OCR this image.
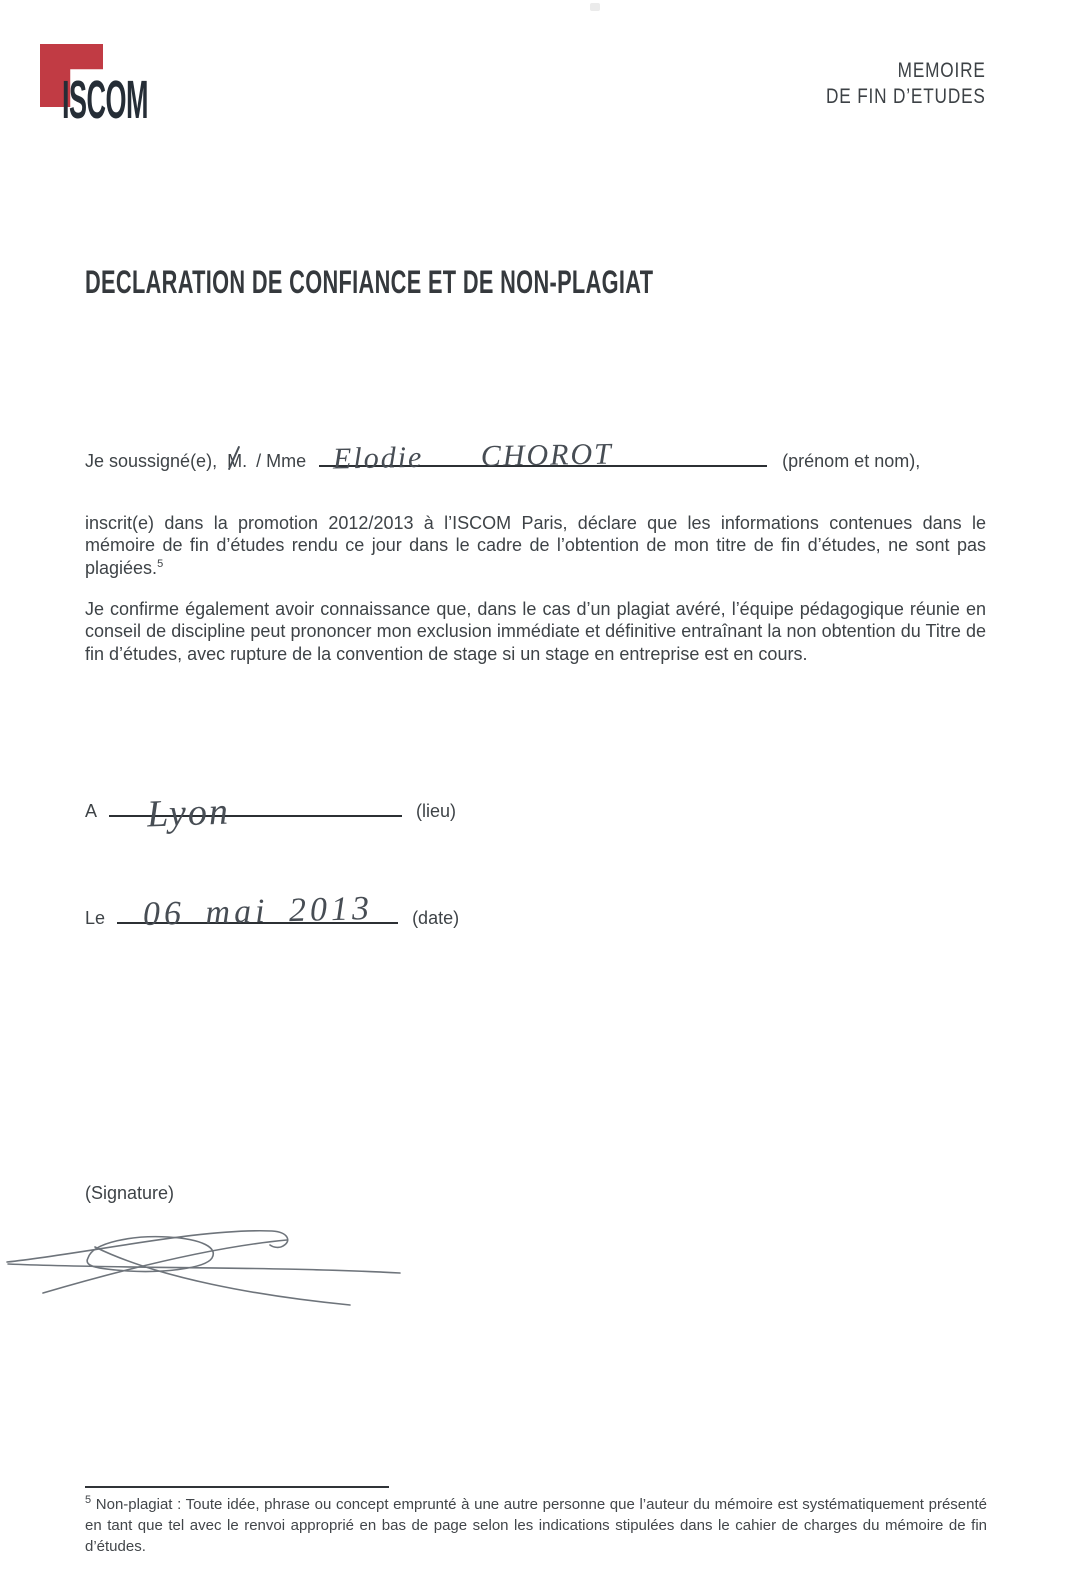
ISCOM	MEMOIRE
DE FIN D’ETUDES
DECLARATION DE CONFIANCE ET DE NON-PLAGIAT
Je soussigné(e), M. / Mme Elodie CHOROT	(prénom et nom),

inscrit(e) dans la promotion 2012/2013 à l’ISCOM Paris, déclare que les informations contenues dans le mémoire de fin d’études rendu ce jour dans le cadre de l’obtention de mon titre de fin d’études, ne sont pas plagiées.$^5$

Je confirme également avoir connaissance que, dans le cas d’un plagiat avéré, l’équipe pédagogique réunie en conseil de discipline peut prononcer mon exclusion immédiate et définitive entraînant la non obtention du Titre de fin d’études, avec rupture de la convention de stage si un stage en entreprise est en cours.

A Lyon	(lieu)
Le 06 mai 2013 (date)
(Signature)

$^5$ Non-plagiat : Toute idée, phrase ou concept emprunté à une autre personne que l’auteur du mémoire est systématiquement présenté en tant que tel avec le renvoi approprié en bas de page selon les indications stipulées dans le cahier de charges du mémoire de fin d’études.
